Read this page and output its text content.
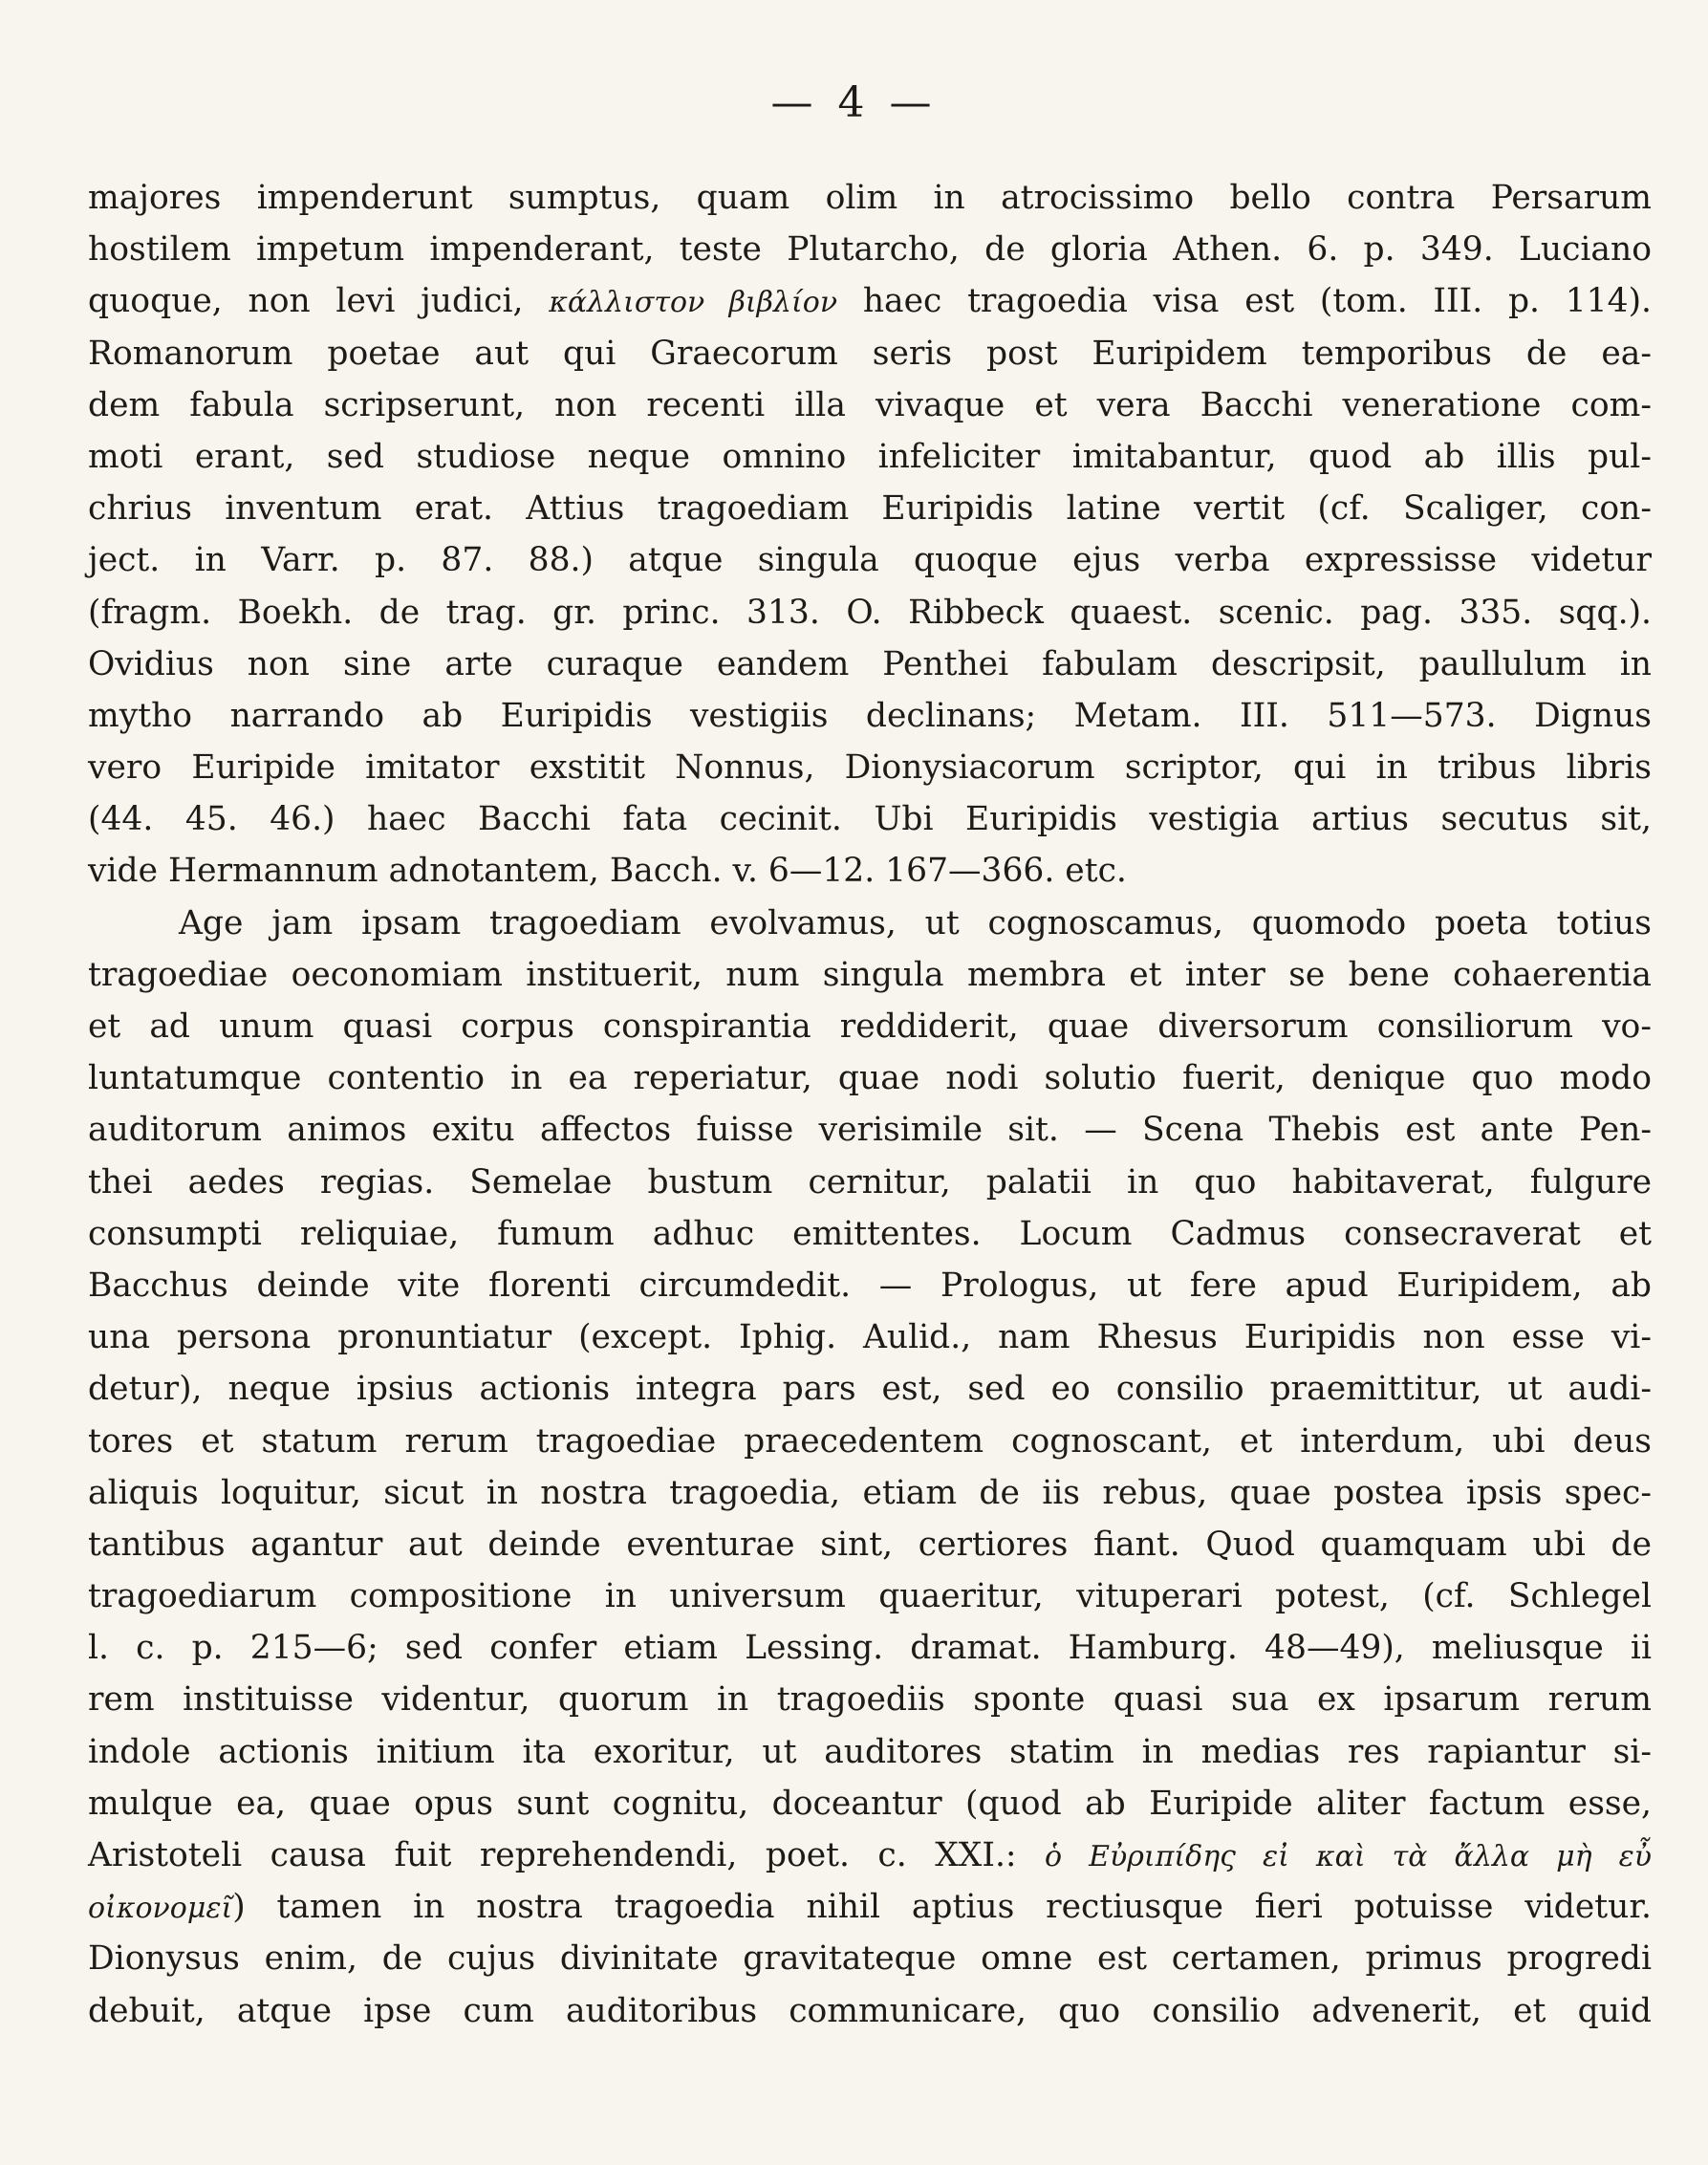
— 4 —
majores impenderunt sumptus, quam olim in atrocissimo bello contra Persarum
hostilem impetum impenderant, teste Plutarcho, de gloria Athen. 6. p. 349. Luciano
quoque, non levi judici, κάλλιστον βιβλίον haec tragoedia visa est (tom. III. p. 114).
Romanorum poetae aut qui Graecorum seris post Euripidem temporibus de ea-
dem fabula scripserunt, non recenti illa vivaque et vera Bacchi veneratione com-
moti erant, sed studiose neque omnino infeliciter imitabantur, quod ab illis pul-
chrius inventum erat. Attius tragoediam Euripidis latine vertit (cf. Scaliger, con-
ject. in Varr. p. 87. 88.) atque singula quoque ejus verba expressisse videtur
(fragm. Boekh. de trag. gr. princ. 313. O. Ribbeck quaest. scenic. pag. 335. sqq.).
Ovidius non sine arte curaque eandem Penthei fabulam descripsit, paullulum in
mytho narrando ab Euripidis vestigiis declinans; Metam. III. 511—573. Dignus
vero Euripide imitator exstitit Nonnus, Dionysiacorum scriptor, qui in tribus libris
(44. 45. 46.) haec Bacchi fata cecinit. Ubi Euripidis vestigia artius secutus sit,
vide Hermannum adnotantem, Bacch. v. 6—12. 167—366. etc.
Age jam ipsam tragoediam evolvamus, ut cognoscamus, quomodo poeta totius
tragoediae oeconomiam instituerit, num singula membra et inter se bene cohaerentia
et ad unum quasi corpus conspirantia reddiderit, quae diversorum consiliorum vo-
luntatumque contentio in ea reperiatur, quae nodi solutio fuerit, denique quo modo
auditorum animos exitu affectos fuisse verisimile sit. — Scena Thebis est ante Pen-
thei aedes regias. Semelae bustum cernitur, palatii in quo habitaverat, fulgure
consumpti reliquiae, fumum adhuc emittentes. Locum Cadmus consecraverat et
Bacchus deinde vite florenti circumdedit. — Prologus, ut fere apud Euripidem, ab
una persona pronuntiatur (except. Iphig. Aulid., nam Rhesus Euripidis non esse vi-
detur), neque ipsius actionis integra pars est, sed eo consilio praemittitur, ut audi-
tores et statum rerum tragoediae praecedentem cognoscant, et interdum, ubi deus
aliquis loquitur, sicut in nostra tragoedia, etiam de iis rebus, quae postea ipsis spec-
tantibus agantur aut deinde eventurae sint, certiores fiant. Quod quamquam ubi de
tragoediarum compositione in universum quaeritur, vituperari potest, (cf. Schlegel
l. c. p. 215—6; sed confer etiam Lessing. dramat. Hamburg. 48—49), meliusque ii
rem instituisse videntur, quorum in tragoediis sponte quasi sua ex ipsarum rerum
indole actionis initium ita exoritur, ut auditores statim in medias res rapiantur si-
mulque ea, quae opus sunt cognitu, doceantur (quod ab Euripide aliter factum esse,
Aristoteli causa fuit reprehendendi, poet. c. XXI.: ὁ Εὐριπίδης εἰ καὶ τὰ ἄλλα μὴ εὖ
οἰκονομεῖ) tamen in nostra tragoedia nihil aptius rectiusque fieri potuisse videtur.
Dionysus enim, de cujus divinitate gravitateque omne est certamen, primus progredi
debuit, atque ipse cum auditoribus communicare, quo consilio advenerit, et quid
